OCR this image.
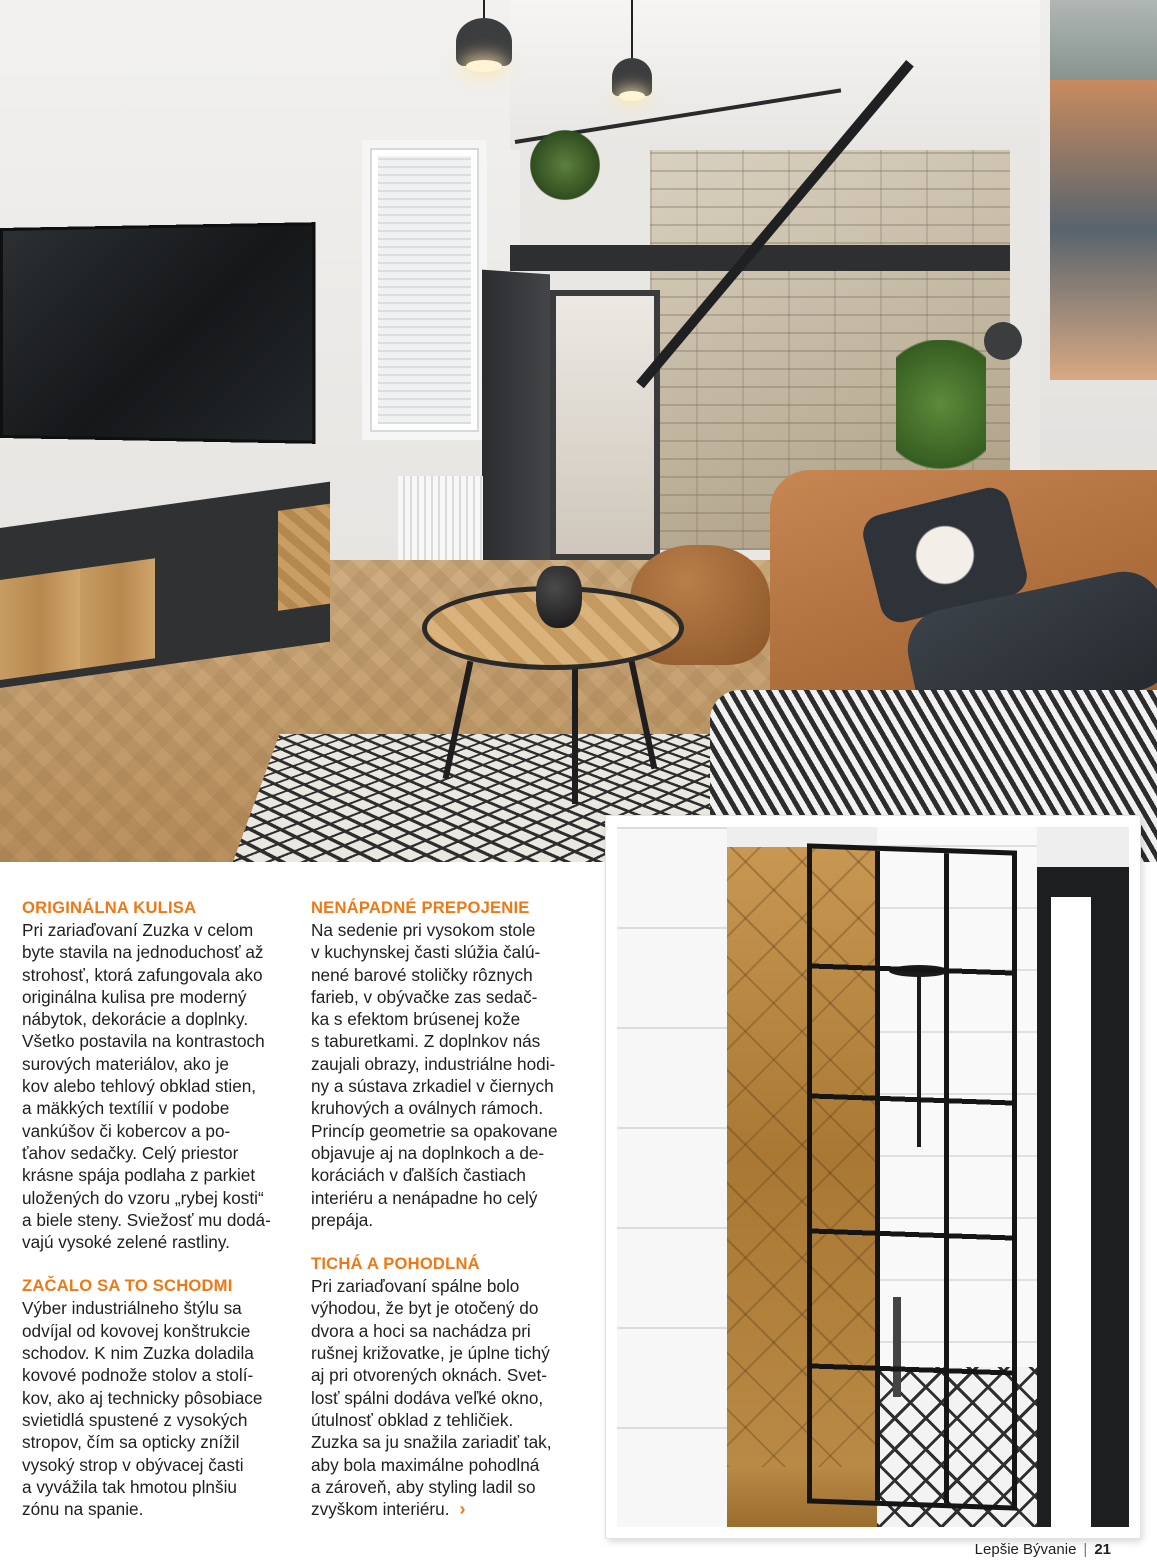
ORIGINÁLNA KULISA
Pri zariaďovaní Zuzka v celom
byte stavila na jednoduchosť až
strohosť, ktorá zafungovala ako
originálna kulisa pre moderný
nábytok, dekorácie a doplnky.
Všetko postavila na kontrastoch
surových materiálov, ako je
kov alebo tehlový obklad stien,
a mäkkých textílií v podobe
vankúšov či kobercov a po-
ťahov sedačky. Celý priestor
krásne spája podlaha z parkiet
uložených do vzoru „rybej kosti“
a biele steny. Sviežosť mu dodá-
vajú vysoké zelené rastliny.
ZAČALO SA TO SCHODMI
Výber industriálneho štýlu sa
odvíjal od kovovej konštrukcie
schodov. K nim Zuzka doladila
kovové podnože stolov a stolí-
kov, ako aj technicky pôsobiace
svietidlá spustené z vysokých
stropov, čím sa opticky znížil
vysoký strop v obývacej časti
a vyvážila tak hmotou plnšiu
zónu na spanie.
NENÁPADNÉ PREPOJENIE
Na sedenie pri vysokom stole
v kuchynskej časti slúžia čalú-
nené barové stoličky rôznych
farieb, v obývačke zas sedač-
ka s efektom brúsenej kože
s taburetkami. Z doplnkov nás
zaujali obrazy, industriálne hodi-
ny a sústava zrkadiel v čiernych
kruhových a oválnych rámoch.
Princíp geometrie sa opakovane
objavuje aj na doplnkoch a de-
koráciách v ďalších častiach
interiéru a nenápadne ho celý
prepája.
TICHÁ A POHODLNÁ
Pri zariaďovaní spálne bolo
výhodou, že byt je otočený do
dvora a hoci sa nachádza pri
rušnej križovatke, je úplne tichý
aj pri otvorených oknách. Svet-
losť spálni dodáva veľké okno,
útulnosť obklad z tehličiek.
Zuzka sa ju snažila zariadiť tak,
aby bola maximálne pohodlná
a zároveň, aby styling ladil so
zvyškom interiéru. ›
Lepšie Bývanie | 21
